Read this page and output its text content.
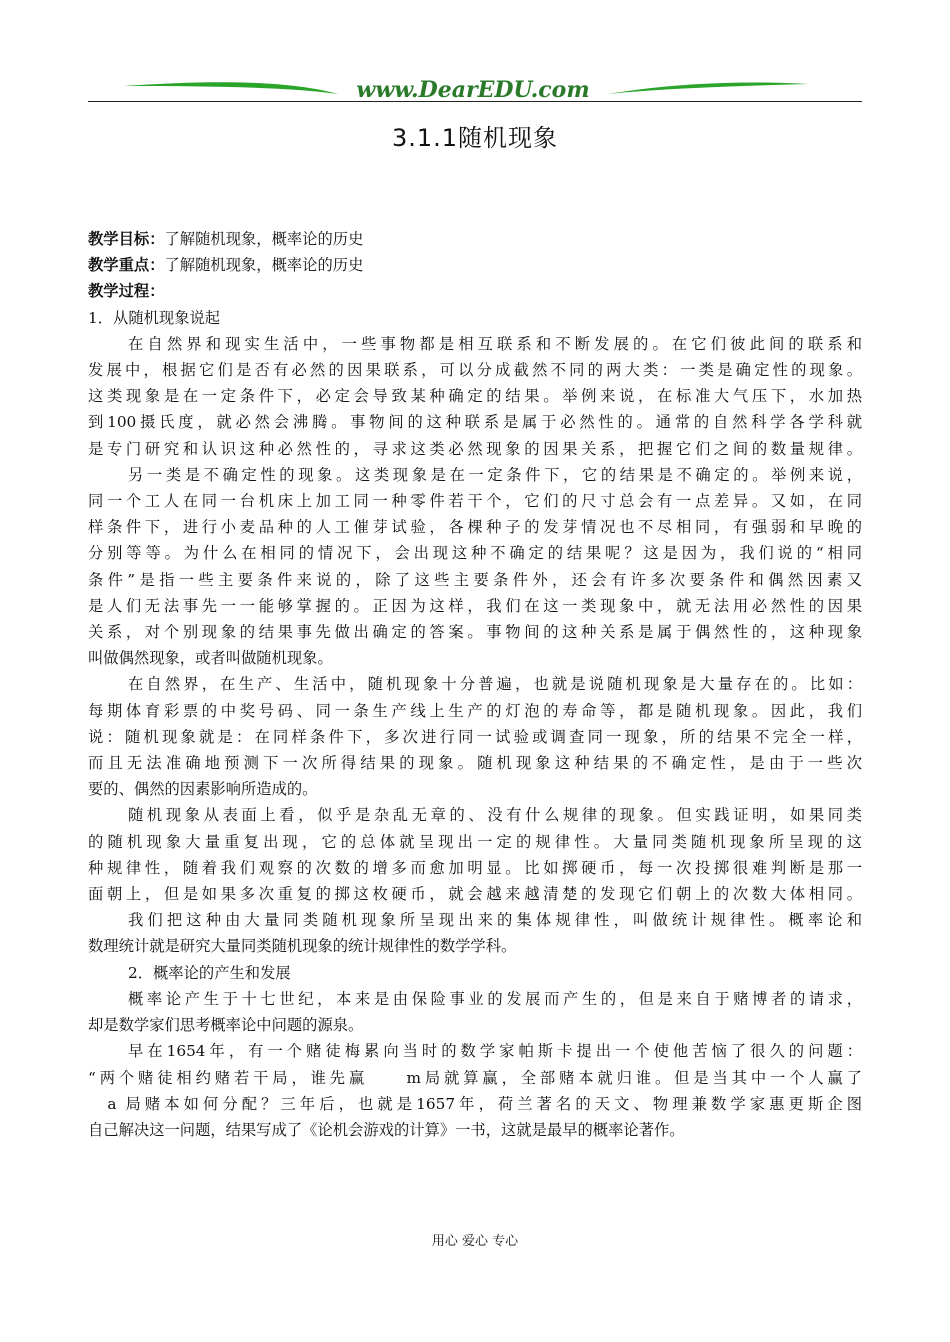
www.DearEDU.com
3.1.1随机现象
教学目标：了解随机现象，概率论的历史
教学重点：了解随机现象，概率论的历史
教学过程：
1．从随机现象说起
在自然界和现实生活中，一些事物都是相互联系和不断发展的。在它们彼此间的联系和
发展中，根据它们是否有必然的因果联系，可以分成截然不同的两大类：一类是确定性的现象。
这类现象是在一定条件下，必定会导致某种确定的结果。举例来说，在标准大气压下，水加热
到100摄氏度，就必然会沸腾。事物间的这种联系是属于必然性的。通常的自然科学各学科就
是专门研究和认识这种必然性的，寻求这类必然现象的因果关系，把握它们之间的数量规律。
另一类是不确定性的现象。这类现象是在一定条件下，它的结果是不确定的。举例来说，
同一个工人在同一台机床上加工同一种零件若干个，它们的尺寸总会有一点差异。又如，在同
样条件下，进行小麦品种的人工催芽试验，各棵种子的发芽情况也不尽相同，有强弱和早晚的
分别等等。为什么在相同的情况下，会出现这种不确定的结果呢？这是因为，我们说的“相同
条件”是指一些主要条件来说的，除了这些主要条件外，还会有许多次要条件和偶然因素又
是人们无法事先一一能够掌握的。正因为这样，我们在这一类现象中，就无法用必然性的因果
关系，对个别现象的结果事先做出确定的答案。事物间的这种关系是属于偶然性的，这种现象
叫做偶然现象，或者叫做随机现象。
在自然界，在生产、生活中，随机现象十分普遍，也就是说随机现象是大量存在的。比如：
每期体育彩票的中奖号码、同一条生产线上生产的灯泡的寿命等，都是随机现象。因此，我们
说：随机现象就是：在同样条件下，多次进行同一试验或调查同一现象，所的结果不完全一样，
而且无法准确地预测下一次所得结果的现象。随机现象这种结果的不确定性，是由于一些次
要的、偶然的因素影响所造成的。
随机现象从表面上看，似乎是杂乱无章的、没有什么规律的现象。但实践证明，如果同类
的随机现象大量重复出现，它的总体就呈现出一定的规律性。大量同类随机现象所呈现的这
种规律性，随着我们观察的次数的增多而愈加明显。比如掷硬币，每一次投掷很难判断是那一
面朝上，但是如果多次重复的掷这枚硬币，就会越来越清楚的发现它们朝上的次数大体相同。
我们把这种由大量同类随机现象所呈现出来的集体规律性，叫做统计规律性。概率论和
数理统计就是研究大量同类随机现象的统计规律性的数学学科。
2．概率论的产生和发展
概率论产生于十七世纪，本来是由保险事业的发展而产生的，但是来自于赌博者的请求，
却是数学家们思考概率论中问题的源泉。
早在1654年，有一个赌徒梅累向当时的数学家帕斯卡提出一个使他苦恼了很久的问题：
“两个赌徒相约赌若干局，谁先赢　　m局就算赢，全部赌本就归谁。但是当其中一个人赢了
　a 局赌本如何分配？三年后，也就是1657年，荷兰著名的天文、物理兼数学家惠更斯企图
自己解决这一问题，结果写成了《论机会游戏的计算》一书，这就是最早的概率论著作。
用心 爱心 专心
